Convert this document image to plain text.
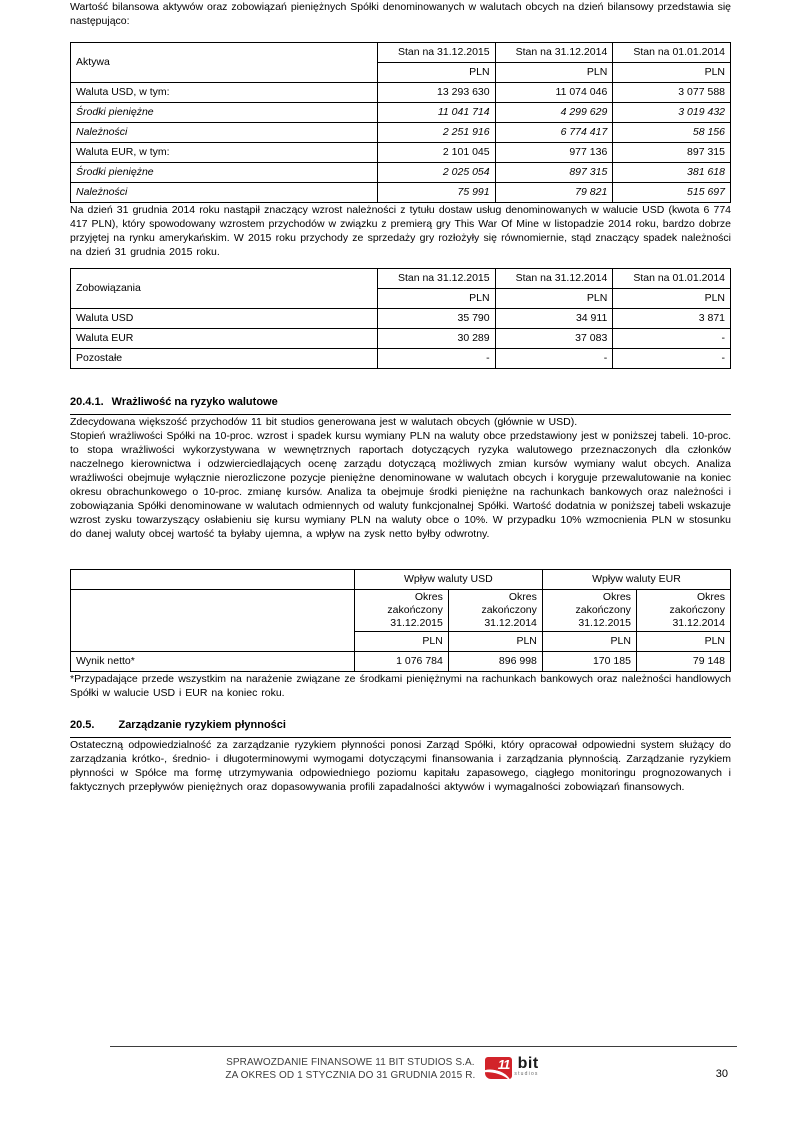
Wartość bilansowa aktywów oraz zobowiązań pieniężnych Spółki denominowanych w walutach obcych na dzień bilansowy przedstawia się następująco:

Aktywa	Stan na 31.12.2015	Stan na 31.12.2014	Stan na 01.01.2014
	PLN	PLN	PLN
Waluta USD, w tym:	13 293 630	11 074 046	3 077 588
Środki pieniężne	11 041 714	4 299 629	3 019 432
Należności	2 251 916	6 774 417	58 156
Waluta EUR, w tym:	2 101 045	977 136	897 315
Środki pieniężne	2 025 054	897 315	381 618
Należności	75 991	79 821	515 697

Na dzień 31 grudnia 2014 roku nastąpił znaczący wzrost należności z tytułu dostaw usług denominowanych w walucie USD (kwota 6 774 417 PLN), który spowodowany wzrostem przychodów w związku z premierą gry This War Of Mine w listopadzie 2014 roku, bardzo dobrze przyjętej na rynku amerykańskim. W 2015 roku przychody ze sprzedaży gry rozłożyły się równomiernie, stąd znaczący spadek należności na dzień 31 grudnia 2015 roku.

Zobowiązania	Stan na 31.12.2015	Stan na 31.12.2014	Stan na 01.01.2014
	PLN	PLN	PLN
Waluta USD	35 790	34 911	3 871
Waluta EUR	30 289	37 083	-
Pozostałe	-	-	-
20.4.1. Wrażliwość na ryzyko walutowe

Zdecydowana większość przychodów 11 bit studios generowana jest w walutach obcych (głównie w USD).

Stopień wrażliwości Spółki na 10-proc. wzrost i spadek kursu wymiany PLN na waluty obce przedstawiony jest w poniższej tabeli. 10-proc. to stopa wrażliwości wykorzystywana w wewnętrznych raportach dotyczących ryzyka walutowego przeznaczonych dla członków naczelnego kierownictwa i odzwierciedlających ocenę zarządu dotyczącą możliwych zmian kursów wymiany walut obcych. Analiza wrażliwości obejmuje wyłącznie nierozliczone pozycje pieniężne denominowane w walutach obcych i koryguje przewalutowanie na koniec okresu obrachunkowego o 10-proc. zmianę kursów. Analiza ta obejmuje środki pieniężne na rachunkach bankowych oraz należności i zobowiązania Spółki denominowane w walutach odmiennych od waluty funkcjonalnej Spółki. Wartość dodatnia w poniższej tabeli wskazuje wzrost zysku towarzyszący osłabieniu się kursu wymiany PLN na waluty obce o 10%. W przypadku 10% wzmocnienia PLN w stosunku do danej waluty obcej wartość ta byłaby ujemna, a wpływ na zysk netto byłby odwrotny.

	Wpływ waluty USD		Wpływ waluty EUR	
	Okres zakończony 31.12.2015	Okres zakończony 31.12.2014	Okres zakończony 31.12.2015	Okres zakończony 31.12.2014
	PLN	PLN	PLN	PLN
Wynik netto*	1 076 784	896 998	170 185	79 148

*Przypadające przede wszystkim na narażenie związane ze środkami pieniężnymi na rachunkach bankowych oraz należności handlowych Spółki w walucie USD i EUR na koniec roku.

20.5. Zarządzanie ryzykiem płynności

Ostateczną odpowiedzialność za zarządzanie ryzykiem płynności ponosi Zarząd Spółki, który opracował odpowiedni system służący do zarządzania krótko-, średnio- i długoterminowymi wymogami dotyczącymi finansowania i zarządzania płynnością. Zarządzanie ryzykiem płynności w Spółce ma formę utrzymywania odpowiedniego poziomu kapitału zapasowego, ciągłego monitoringu prognozowanych i faktycznych przepływów pieniężnych oraz dopasowywania profili zapadalności aktywów i wymagalności zobowiązań finansowych.

SPRAWOZDANIE FINANSOWE 11 BIT STUDIOS S.A.
ZA OKRES OD 1 STYCZNIA DO 31 GRUDNIA 2015 R.
11 bit
studios	30
